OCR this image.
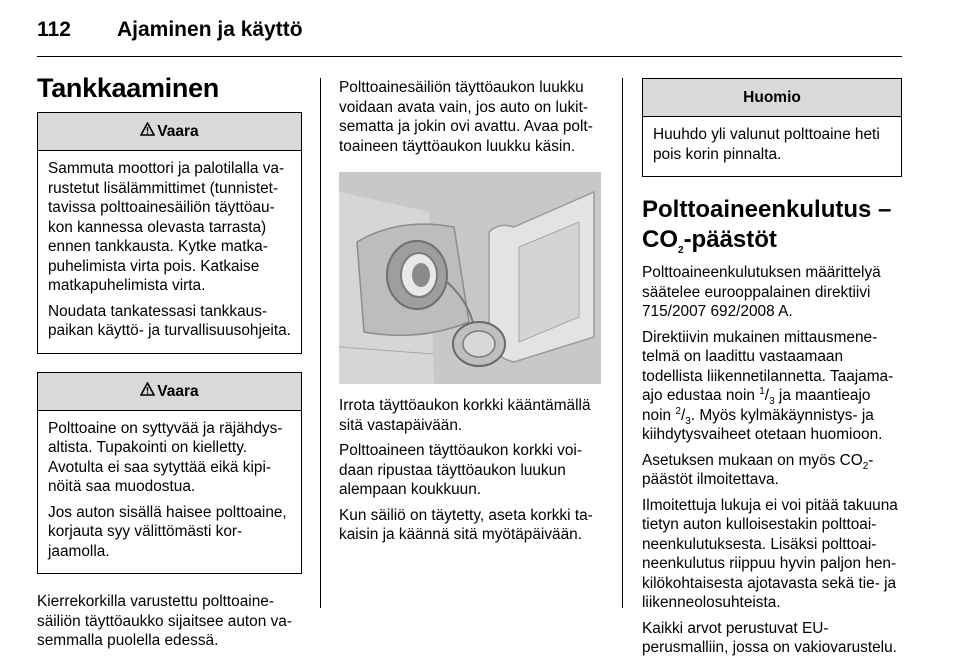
112 Ajaminen ja käyttö
Tankkaaminen
Vaara

Sammuta moottori ja palotilalla varustetut lisälämmittimet (tunnistettavissa polttoainesäiliön täyttöaukon kannessa olevasta tarrasta) ennen tankkausta. Kytke matkapuhelimista virta pois. Katkaise matkapuhelimista virta.

Noudata tankatessasi tankkauspaikan käyttö- ja turvallisuusohjeita.

Vaara

Polttoaine on syttyvää ja räjähdysaltista. Tupakointi on kielletty. Avotulta ei saa sytyttää eikä kipinöitä saa muodostua.

Jos auton sisällä haisee polttoaine, korjauta syy välittömästi korjaamolla.

Kierrekorkilla varustettu polttoainesäiliön täyttöaukko sijaitsee auton vasemmalla puolella edessä.

Polttoainesäiliön täyttöaukon luukku voidaan avata vain, jos auto on lukitsematta ja jokin ovi avattu. Avaa polttoaineen täyttöaukon luukku käsin.

Irrota täyttöaukon korkki kääntämällä sitä vastapäivään.

Polttoaineen täyttöaukon korkki voidaan ripustaa täyttöaukon luukun alempaan koukkuun.

Kun säiliö on täytetty, aseta korkki takaisin ja käännä sitä myötäpäivään.

Huomio

Huuhdo yli valunut polttoaine heti pois korin pinnalta.

Polttoaineenkulutus –
$CO_2$-päästöt

Polttoaineenkulutuksen määrittelyä säätelee eurooppalainen direktiivi 715/2007 692/2008 A.

Direktiivin mukainen mittausmenetelmä on laadittu vastaamaan todellista liikennetilannetta. Taajamaajo edustaa noin $^1/_3$ ja maantieajo noin $^2/_3$. Myös kylmäkäynnistys- ja kiihdytysvaiheet otetaan huomioon.

Asetuksen mukaan on myös $CO_2$-päästöt ilmoitettava.

Ilmoitettuja lukuja ei voi pitää takuuna tietyn auton kulloisestakin polttoaineenkulutuksesta. Lisäksi polttoaineenkulutus riippuu hyvin paljon henkilökohtaisesta ajotavasta sekä tie- ja liikenneolosuhteista.

Kaikki arvot perustuvat EU-perusmalliin, jossa on vakiovarustelu.
